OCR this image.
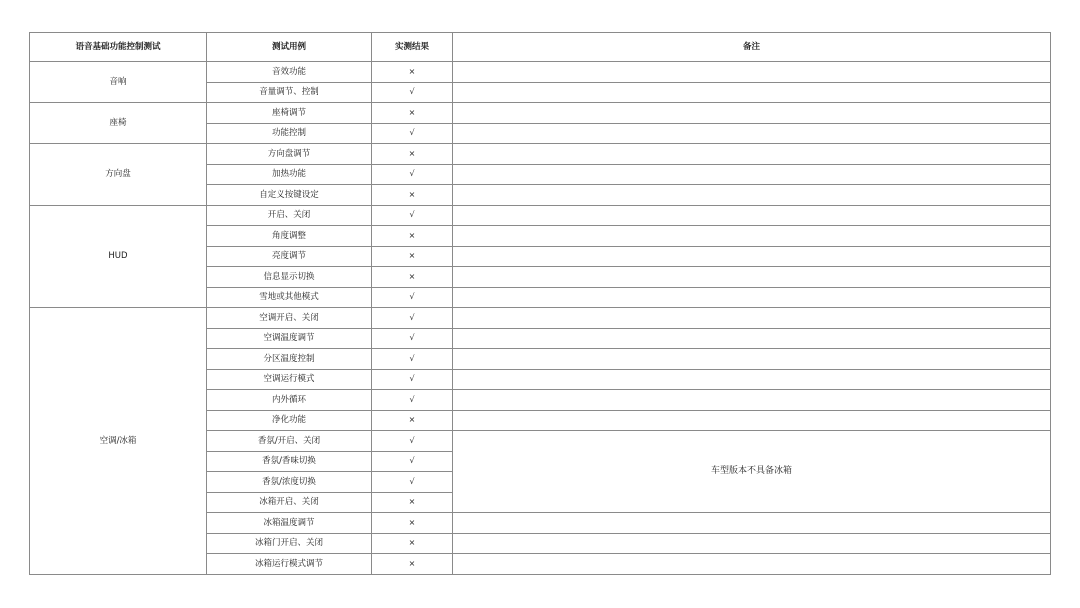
语音基础功能控制测试	测试用例	实测结果	备注
音响	音效功能	×	
	音量调节、控制	√	
座椅	座椅调节	×	
	功能控制	√	
方向盘	方向盘调节	×	
	加热功能	√	
	自定义按键设定	×	
HUD	开启、关闭	√	
	角度调整	×	
	亮度调节	×	
	信息显示切换	×	
	雪地或其他模式	√	
空调/冰箱	空调开启、关闭	√	
	空调温度调节	√	
	分区温度控制	√	
	空调运行模式	√	
	内外循环	√	
	净化功能	×	
	香氛/开启、关闭	√	车型版本不具备冰箱
	香氛/香味切换	√	
	香氛/浓度切换	√	
	冰箱开启、关闭	×	
	冰箱温度调节	×	
	冰箱门开启、关闭	×	
	冰箱运行模式调节	×	
